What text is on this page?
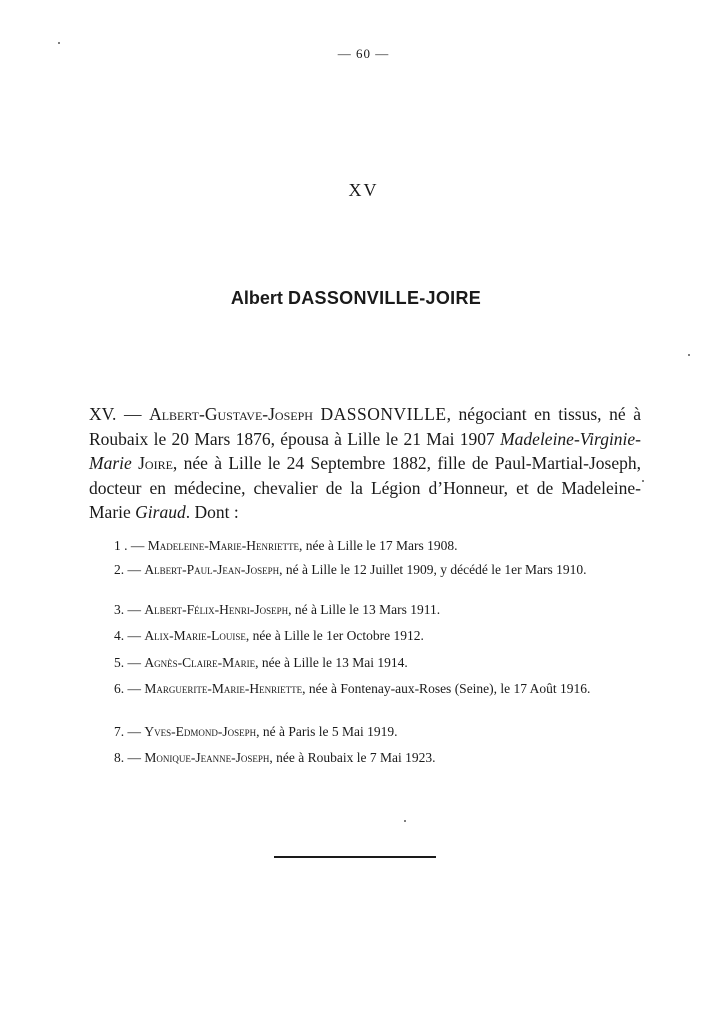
— 60 —
XV
Albert DASSONVILLE-JOIRE

XV. — Albert-Gustave-Joseph DASSONVILLE, négociant en tissus, né à Roubaix le 20 Mars 1876, épousa à Lille le 21 Mai 1907 Madeleine-Virginie-Marie Joire, née à Lille le 24 Septembre 1882, fille de Paul-Martial-Joseph, docteur en médecine, chevalier de la Légion d’Honneur, et de Madeleine-Marie Giraud. Dont :

1 . — Madeleine-Marie-Henriette, née à Lille le 17 Mars 1908.

2. — Albert-Paul-Jean-Joseph, né à Lille le 12 Juillet 1909, y décédé le 1er Mars 1910.

3. — Albert-Félix-Henri-Joseph, né à Lille le 13 Mars 1911.

4. — Alix-Marie-Louise, née à Lille le 1er Octobre 1912.

5. — Agnès-Claire-Marie, née à Lille le 13 Mai 1914.

6. — Marguerite-Marie-Henriette, née à Fontenay-aux-Roses (Seine), le 17 Août 1916.

7. — Yves-Edmond-Joseph, né à Paris le 5 Mai 1919.

8. — Monique-Jeanne-Joseph, née à Roubaix le 7 Mai 1923.
